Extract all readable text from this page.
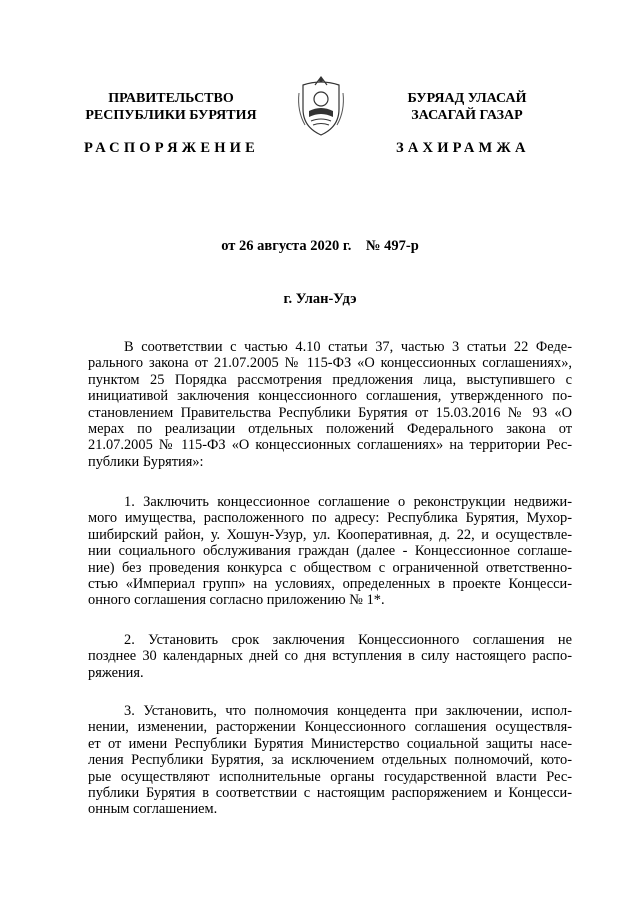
ПРАВИТЕЛЬСТВО
РЕСПУБЛИКИ БУРЯТИЯ
БУРЯАД УЛАСАЙ
ЗАСАГАЙ ГАЗАР
РАСПОРЯЖЕНИЕ	ЗАХИРАМЖА
от 26 августа 2020 г.    № 497-р
г. Улан-Удэ
В соответствии с частью 4.10 статьи 37, частью 3 статьи 22 Феде-
рального закона от 21.07.2005 № 115-ФЗ «О концессионных соглашениях»,
пунктом 25 Порядка рассмотрения предложения лица, выступившего с
инициативой заключения концессионного соглашения, утвержденного по-
становлением Правительства Республики Бурятия от 15.03.2016 № 93 «О
мерах по реализации отдельных положений Федерального закона от
21.07.2005 № 115-ФЗ «О концессионных соглашениях» на территории Рес-
публики Бурятия»:
1. Заключить концессионное соглашение о реконструкции недвижи-
мого имущества, расположенного по адресу: Республика Бурятия, Мухор-
шибирский район, у. Хошун-Узур, ул. Кооперативная, д. 22, и осуществле-
нии социального обслуживания граждан (далее - Концессионное соглаше-
ние) без проведения конкурса с обществом с ограниченной ответственно-
стью «Империал групп» на условиях, определенных в проекте Концесси-
онного соглашения согласно приложению № 1*.
2. Установить срок заключения Концессионного соглашения не
позднее 30 календарных дней со дня вступления в силу настоящего распо-
ряжения.
3. Установить, что полномочия концедента при заключении, испол-
нении, изменении, расторжении Концессионного соглашения осуществля-
ет от имени Республики Бурятия Министерство социальной защиты насе-
ления Республики Бурятия, за исключением отдельных полномочий, кото-
рые осуществляют исполнительные органы государственной власти Рес-
публики Бурятия в соответствии с настоящим распоряжением и Концесси-
онным соглашением.
